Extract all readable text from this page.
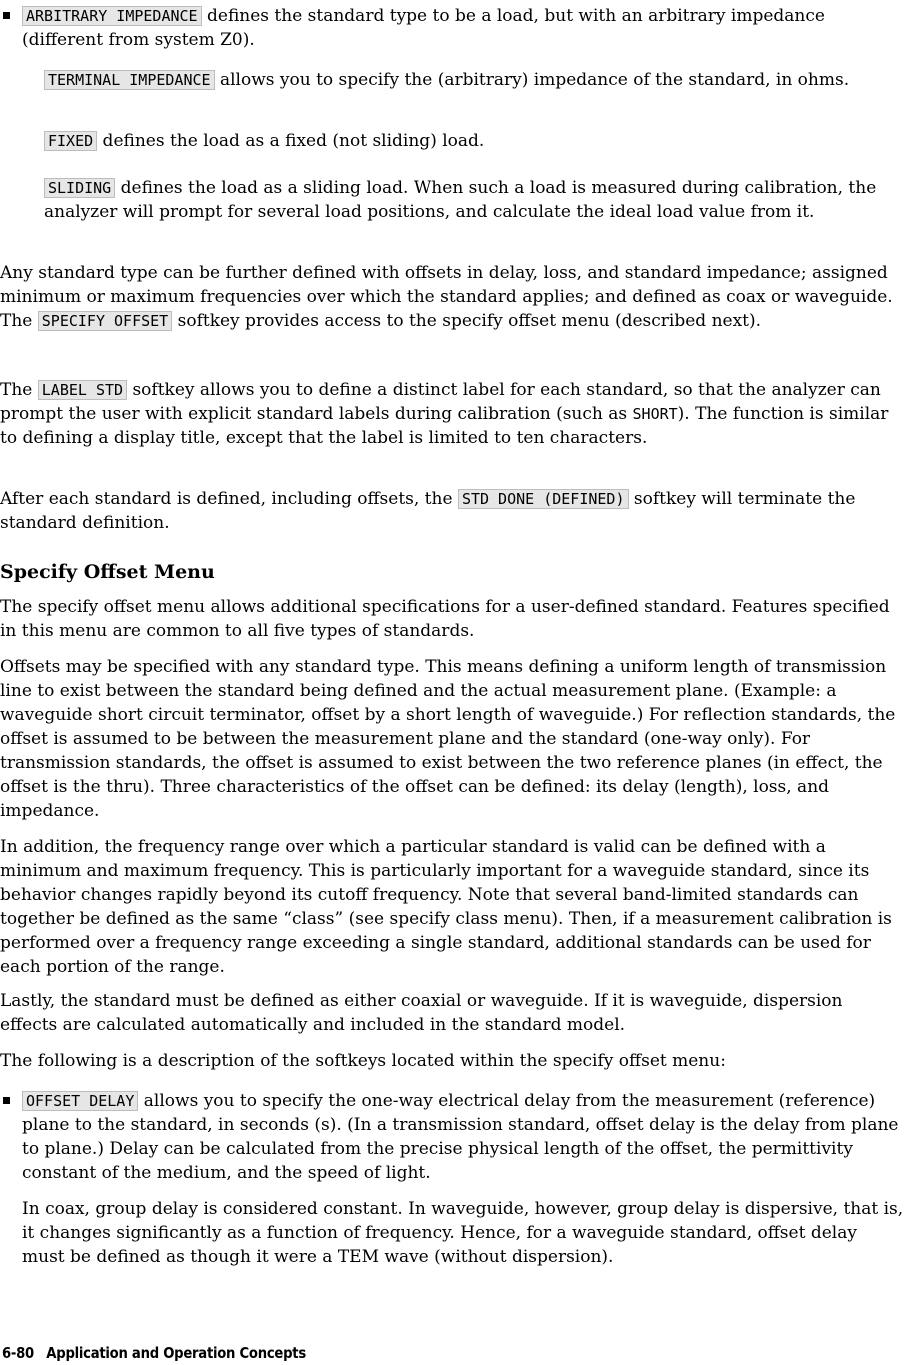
ARBITRARY IMPEDANCE defines the standard type to be a load, but with an arbitrary impedance (different from system Z0).

TERMINAL IMPEDANCE allows you to specify the (arbitrary) impedance of the standard, in ohms.

FIXED defines the load as a fixed (not sliding) load.

SLIDING defines the load as a sliding load. When such a load is measured during calibration, the analyzer will prompt for several load positions, and calculate the ideal load value from it.

Any standard type can be further defined with offsets in delay, loss, and standard impedance; assigned minimum or maximum frequencies over which the standard applies; and defined as coax or waveguide. The SPECIFY OFFSET softkey provides access to the specify offset menu (described next).

The LABEL STD softkey allows you to define a distinct label for each standard, so that the analyzer can prompt the user with explicit standard labels during calibration (such as SHORT). The function is similar to defining a display title, except that the label is limited to ten characters.

After each standard is defined, including offsets, the STD DONE (DEFINED) softkey will terminate the standard definition.

Specify Offset Menu

The specify offset menu allows additional specifications for a user-defined standard. Features specified in this menu are common to all five types of standards.

Offsets may be specified with any standard type. This means defining a uniform length of transmission line to exist between the standard being defined and the actual measurement plane. (Example: a waveguide short circuit terminator, offset by a short length of waveguide.) For reflection standards, the offset is assumed to be between the measurement plane and the standard (one-way only). For transmission standards, the offset is assumed to exist between the two reference planes (in effect, the offset is the thru). Three characteristics of the offset can be defined: its delay (length), loss, and impedance.

In addition, the frequency range over which a particular standard is valid can be defined with a minimum and maximum frequency. This is particularly important for a waveguide standard, since its behavior changes rapidly beyond its cutoff frequency. Note that several band-limited standards can together be defined as the same “class” (see specify class menu). Then, if a measurement calibration is performed over a frequency range exceeding a single standard, additional standards can be used for each portion of the range.

Lastly, the standard must be defined as either coaxial or waveguide. If it is waveguide, dispersion effects are calculated automatically and included in the standard model.

The following is a description of the softkeys located within the specify offset menu:

OFFSET DELAY allows you to specify the one-way electrical delay from the measurement (reference) plane to the standard, in seconds (s). (In a transmission standard, offset delay is the delay from plane to plane.) Delay can be calculated from the precise physical length of the offset, the permittivity constant of the medium, and the speed of light.

In coax, group delay is considered constant. In waveguide, however, group delay is dispersive, that is, it changes significantly as a function of frequency. Hence, for a waveguide standard, offset delay must be defined as though it were a TEM wave (without dispersion).

6-80 Application and Operation Concepts
